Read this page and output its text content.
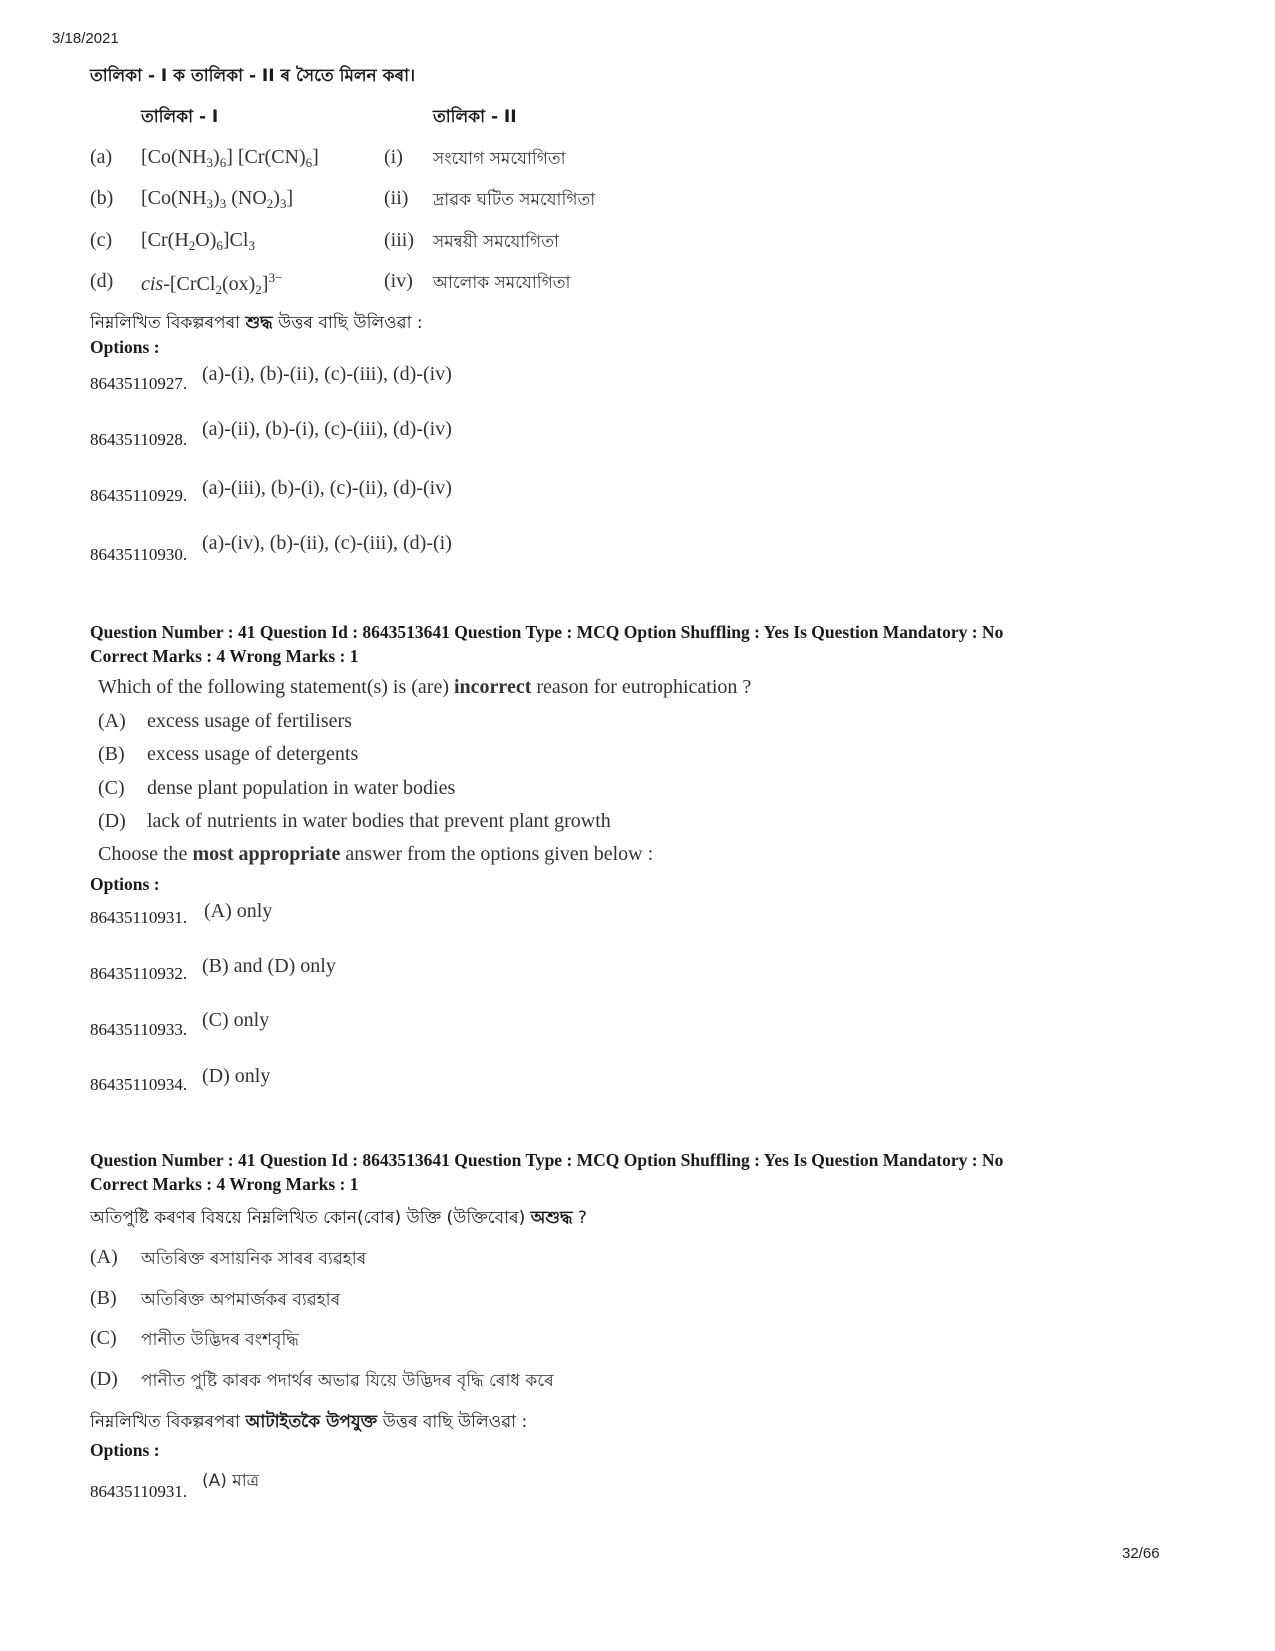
3/18/2021
32/66
তালিকা - I ক তালিকা - II ৰ সৈতে মিলন কৰা।
তালিকা - I	তালিকা - II
(a) $[Co(NH_3)_6]$ $[Cr(CN)_6]$	(i) সংযোগ সমযোগিতা
(b) [$Co(NH_3)_3$ $(NO_2)_3$]	(ii) দ্ৰাৱক ঘটিত সমযোগিতা
(c) $[Cr(H_2O)_6]Cl_3$	(iii) সমন্বয়ী সমযোগিতা
(d) cis-$[CrCl_2(ox)_2]^{3-}$	(iv) আলোক সমযোগিতা
নিম্নলিখিত বিকল্পৰপৰা শুদ্ধ উত্তৰ বাছি উলিওৱা :
Options :
86435110927. (a)-(i), (b)-(ii), (c)-(iii), (d)-(iv)
86435110928. (a)-(ii), (b)-(i), (c)-(iii), (d)-(iv)
86435110929. (a)-(iii), (b)-(i), (c)-(ii), (d)-(iv)
86435110930.
(a)-(iv), (b)-(ii), (c)-(iii), (d)-(i)
Question Number : 41 Question Id : 8643513641 Question Type : MCQ Option Shuffling : Yes Is Question Mandatory : No
Correct Marks : 4 Wrong Marks : 1
Which of the following statement(s) is (are) incorrect reason for eutrophication ?
(A) excess usage of fertilisers
(B) excess usage of detergents
(C) dense plant population in water bodies
(D) lack of nutrients in water bodies that prevent plant growth
Choose the most appropriate answer from the options given below :
Options :
86435110931. (A) only
86435110932. (B) and (D) only
86435110933. (C) only
86435110934. (D) only
Question Number : 41 Question Id : 8643513641 Question Type : MCQ Option Shuffling : Yes Is Question Mandatory : No
Correct Marks : 4 Wrong Marks : 1
অতিপুষ্টি কৰণৰ বিষয়ে নিম্নলিখিত কোন(বোৰ) উক্তি (উক্তিবোৰ) অশুদ্ধ ?
(A) অতিৰিক্ত ৰসায়নিক সাৰৰ ব্যৱহাৰ
(B) অতিৰিক্ত অপমাৰ্জকৰ ব্যৱহাৰ
(C) পানীত উদ্ভিদৰ বংশবৃদ্ধি
(D) পানীত পুষ্টি কাৰক পদাৰ্থৰ অভাৱ যিয়ে উদ্ভিদৰ বৃদ্ধি ৰোধ কৰে
নিম্নলিখিত বিকল্পৰপৰা আটাইতকৈ উপযুক্ত উত্তৰ বাছি উলিওৱা :
Options :
86435110931.
(A) মাত্ৰ
